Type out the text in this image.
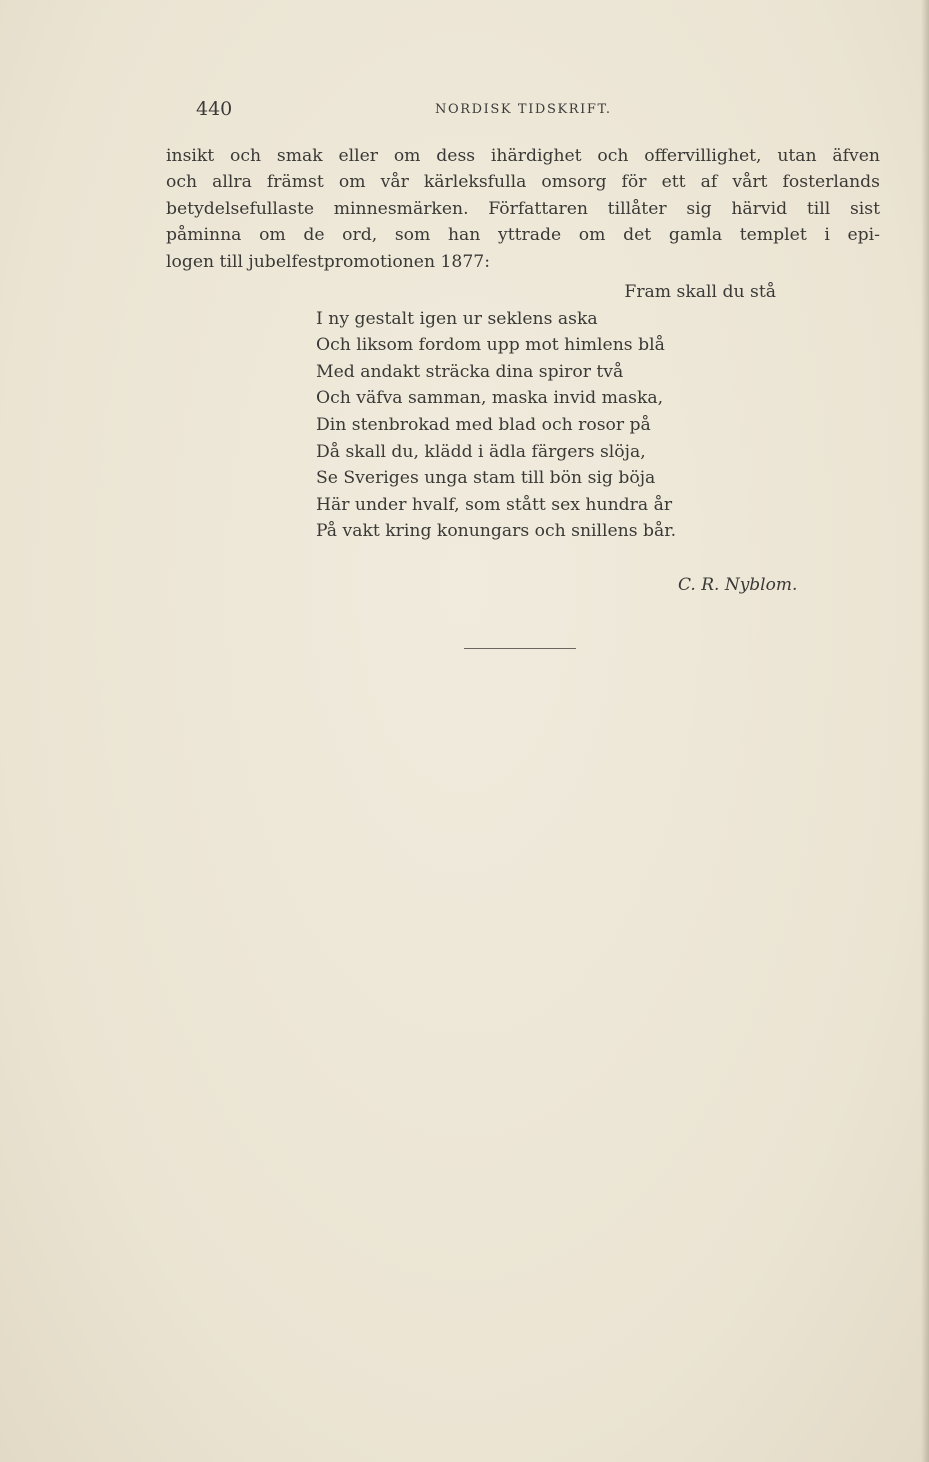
440	NORDISK TIDSKRIFT.
insikt och smak eller om dess ihärdighet och offervillighet, utan äfven
och allra främst om vår kärleksfulla omsorg för ett af vårt fosterlands
betydelsefullaste minnesmärken. Författaren tillåter sig härvid till sist
påminna om de ord, som han yttrade om det gamla templet i epi-
logen till jubelfestpromotionen 1877:
Fram skall du stå
I ny gestalt igen ur seklens aska
Och liksom fordom upp mot himlens blå
Med andakt sträcka dina spiror två
Och väfva samman, maska invid maska,
Din stenbrokad med blad och rosor på
Då skall du, klädd i ädla färgers slöja,
Se Sveriges unga stam till bön sig böja
Här under hvalf, som stått sex hundra år
På vakt kring konungars och snillens bår.
C. R. Nyblom.
